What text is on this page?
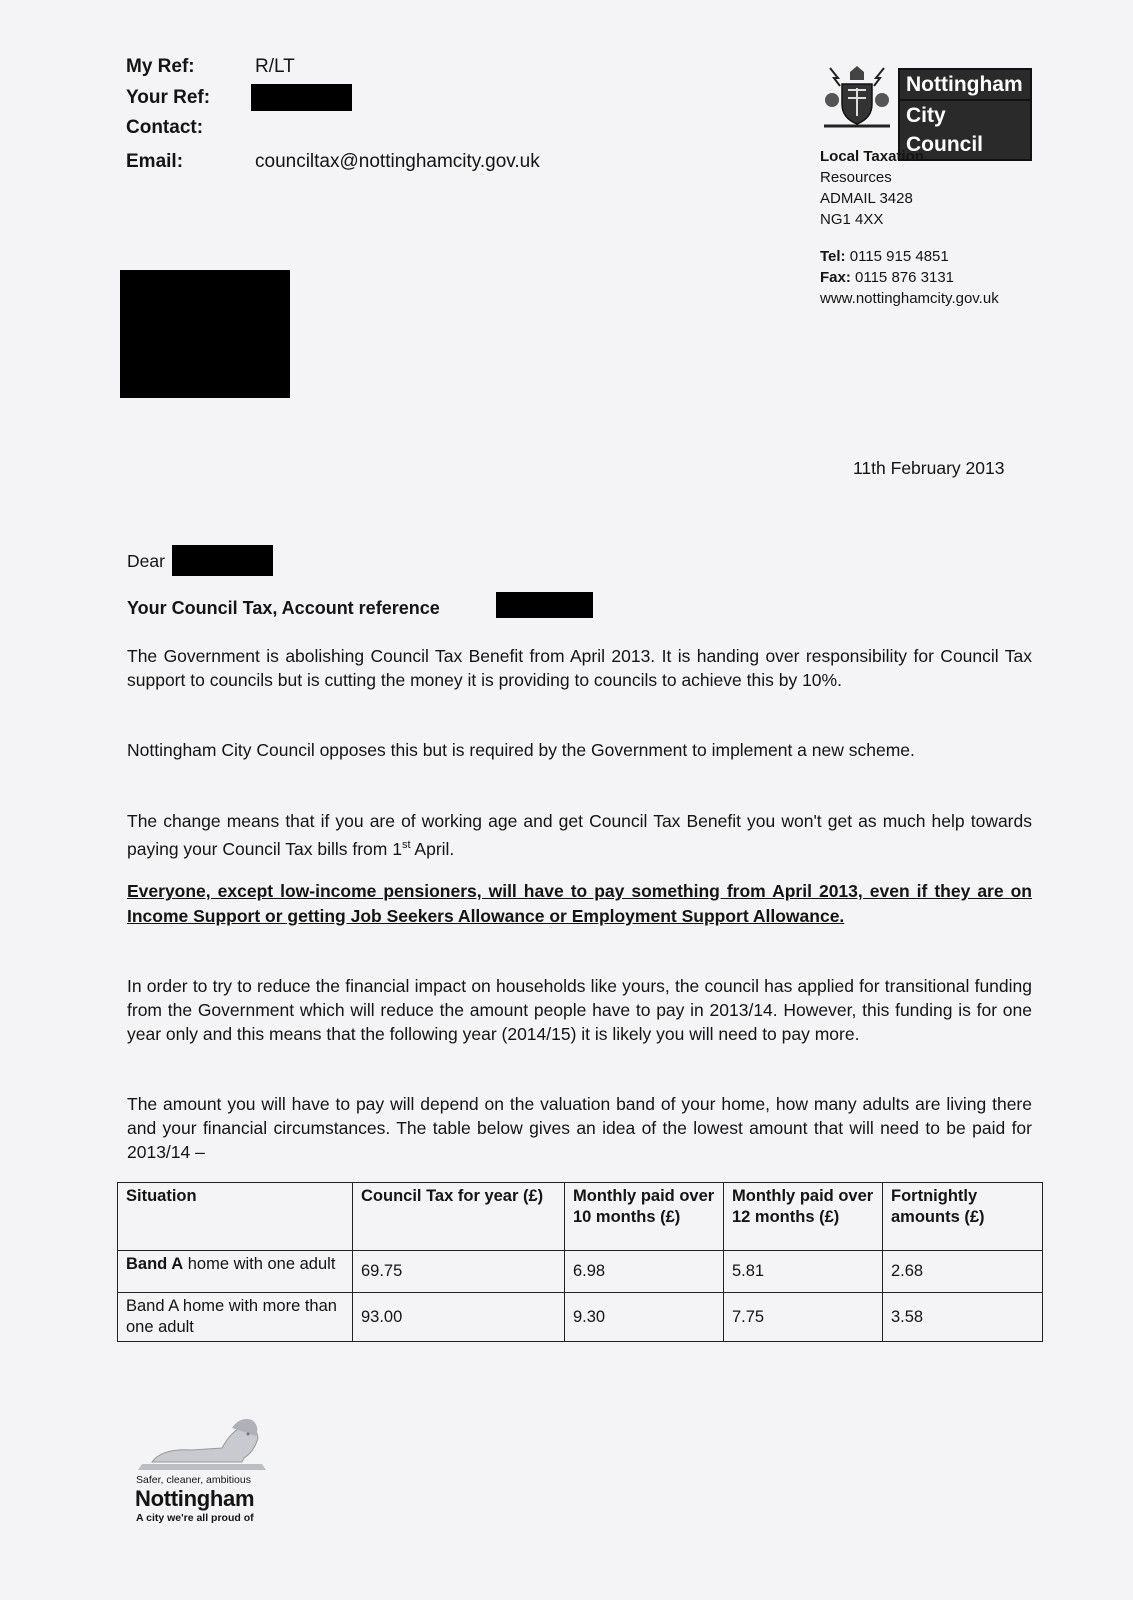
My Ref:	R/LT
Your Ref:
Contact:
Email:	counciltax@nottinghamcity.gov.uk
Nottingham
City Council
Local Taxation
Resources
ADMAIL 3428
NG1 4XX
Tel: 0115 915 4851
Fax: 0115 876 3131
www.nottinghamcity.gov.uk
11th February 2013
Dear
Your Council Tax, Account reference
The Government is abolishing Council Tax Benefit from April 2013. It is handing over responsibility for Council Tax support to councils but is cutting the money it is providing to councils to achieve this by 10%.
Nottingham City Council opposes this but is required by the Government to implement a new scheme.
The change means that if you are of working age and get Council Tax Benefit you won't get as much help towards paying your Council Tax bills from 1st April.
Everyone, except low-income pensioners, will have to pay something from April 2013, even if they are on Income Support or getting Job Seekers Allowance or Employment Support Allowance.
In order to try to reduce the financial impact on households like yours, the council has applied for transitional funding from the Government which will reduce the amount people have to pay in 2013/14. However, this funding is for one year only and this means that the following year (2014/15) it is likely you will need to pay more.
The amount you will have to pay will depend on the valuation band of your home, how many adults are living there and your financial circumstances. The table below gives an idea of the lowest amount that will need to be paid for 2013/14 –
Situation	Council Tax for year (£)	Monthly paid over 10 months (£)	Monthly paid over 12 months (£)	Fortnightly amounts (£)
Band A home with one adult	69.75	6.98	5.81	2.68
Band A home with more than one adult	93.00	9.30	7.75	3.58
Safer, cleaner, ambitious
Nottingham
A city we're all proud of
